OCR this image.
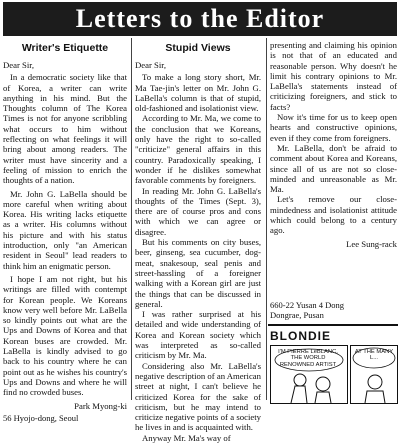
Letters to the Editor
Writer's Etiquette

Dear Sir,

In a democratic society like that of Korea, a writer can write anything in his mind. But the Thoughts column of The Korea Times is not for anyone scribbling what occurs to him without reflecting on what feelings it will bring about among readers. The writer must have sincerity and a feeling of mission to enrich the thoughts of a nation.

Mr. John G. LaBella should be more careful when writing about Korea. His writing lacks etiquette as a writer. His columns without his picture and with his status introduction, only "an American resident in Seoul" lead readers to think him an enigmatic person.

I hope I am not right, but his writings are filled with contempt for Korean people. We Koreans know very well before Mr. LaBella so kindly points out what are the Ups and Downs of Korea and that Korean buses are crowded. Mr. LaBella is kindly advised to go back to his country where he can point out as he wishes his country's Ups and Downs and where he will find no crowded buses.

Park Myong-ki
56 Hyojo-dong, Seoul
Stupid Views

Dear Sir,

To make a long story short, Mr. Ma Tae-jin's letter on Mr. John G. LaBella's column is that of stupid, old-fashioned and isolationist view.

According to Mr. Ma, we come to the conclusion that we Koreans, only have the right to so-called "criticize" general affairs in this country. Paradoxically speaking, I wonder if he dislikes somewhat favorable comments by foreigners.

In reading Mr. John G. LaBella's thoughts of the Times (Sept. 3), there are of course pros and cons with which we can agree or disagree.

But his comments on city buses, beer, ginseng, sea cucumber, dog-meat, snakesoup, seal penis and street-hassling of a foreigner walking with a Korean girl are just the things that can be discussed in general.

I was rather surprised at his detailed and wide understanding of Korea and Korean society which was interpreted as so-called criticism by Mr. Ma.

Considering also Mr. LaBella's negative description of an American street at night, I can't believe he criticized Korea for the sake of criticism, but he may intend to criticize negative points of a society he lives in and is acquainted with.

Anyway Mr. Ma's way of

presenting and claiming his opinion is not that of an educated and reasonable person. Why doesn't he limit his contrary opinions to Mr. LaBella's statements instead of criticizing foreigners, and stick to facts?

Now it's time for us to keep open hearts and constructive opinions, even if they come from foreigners.

Mr. LaBella, don't be afraid to comment about Korea and Koreans, since all of us are not so close-minded and unreasonable as Mr. Ma.

Let's remove our close-mindedness and isolationist attitude which could belong to a century ago.

Lee Sung-rack
660-22 Yusan 4 Dong
Dongrae, Pusan
BLONDIE
I'M PIERRE LeBLANC, THE WORLD RENOWNED ARTIST
AT THE MANY L...
